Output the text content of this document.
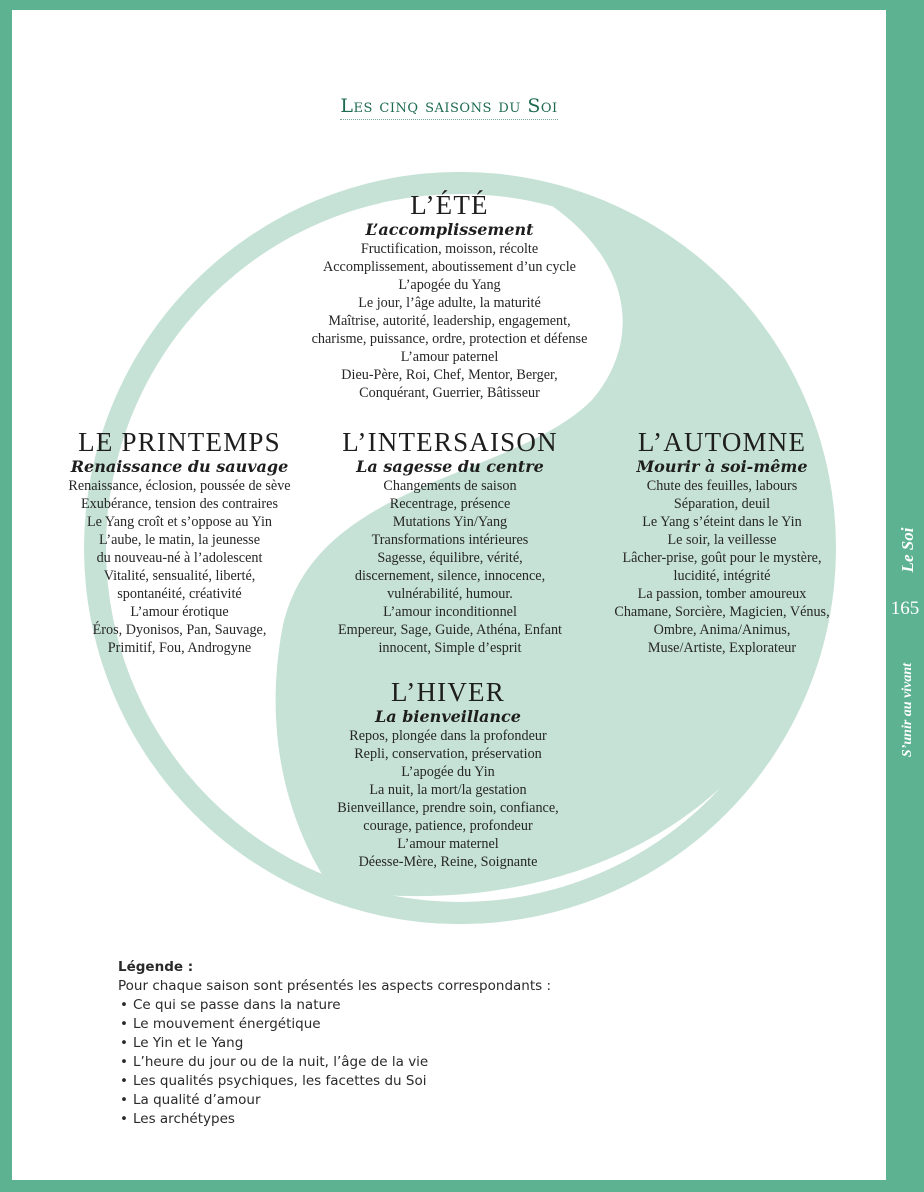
Les cinq saisons du Soi
L’ÉTÉ
L’accomplissement
Fructification, moisson, récolte
Accomplissement, aboutissement d’un cycle
L’apogée du Yang
Le jour, l’âge adulte, la maturité
Maîtrise, autorité, leadership, engagement,
charisme, puissance, ordre, protection et défense
L’amour paternel
Dieu-Père, Roi, Chef, Mentor, Berger,
Conquérant, Guerrier, Bâtisseur
LE PRINTEMPS
Renaissance du sauvage
Renaissance, éclosion, poussée de sève
Exubérance, tension des contraires
Le Yang croît et s’oppose au Yin
L’aube, le matin, la jeunesse
du nouveau-né à l’adolescent
Vitalité, sensualité, liberté,
spontanéité, créativité
L’amour érotique
Éros, Dyonisos, Pan, Sauvage,
Primitif, Fou, Androgyne
L’INTERSAISON
La sagesse du centre
Changements de saison
Recentrage, présence
Mutations Yin/Yang
Transformations intérieures
Sagesse, équilibre, vérité,
discernement, silence, innocence,
vulnérabilité, humour.
L’amour inconditionnel
Empereur, Sage, Guide, Athéna, Enfant
innocent, Simple d’esprit
L’AUTOMNE
Mourir à soi-même
Chute des feuilles, labours
Séparation, deuil
Le Yang s’éteint dans le Yin
Le soir, la veillesse
Lâcher-prise, goût pour le mystère,
lucidité, intégrité
La passion, tomber amoureux
Chamane, Sorcière, Magicien, Vénus,
Ombre, Anima/Animus,
Muse/Artiste, Explorateur
L’HIVER
La bienveillance
Repos, plongée dans la profondeur
Repli, conservation, préservation
L’apogée du Yin
La nuit, la mort/la gestation
Bienveillance, prendre soin, confiance,
courage, patience, profondeur
L’amour maternel
Déesse-Mère, Reine, Soignante
Légende :
Pour chaque saison sont présentés les aspects correspondants :
• Ce qui se passe dans la nature
• Le mouvement énergétique
• Le Yin et le Yang
• L’heure du jour ou de la nuit, l’âge de la vie
• Les qualités psychiques, les facettes du Soi
• La qualité d’amour
• Les archétypes
Le Soi
165
S’unir au vivant
